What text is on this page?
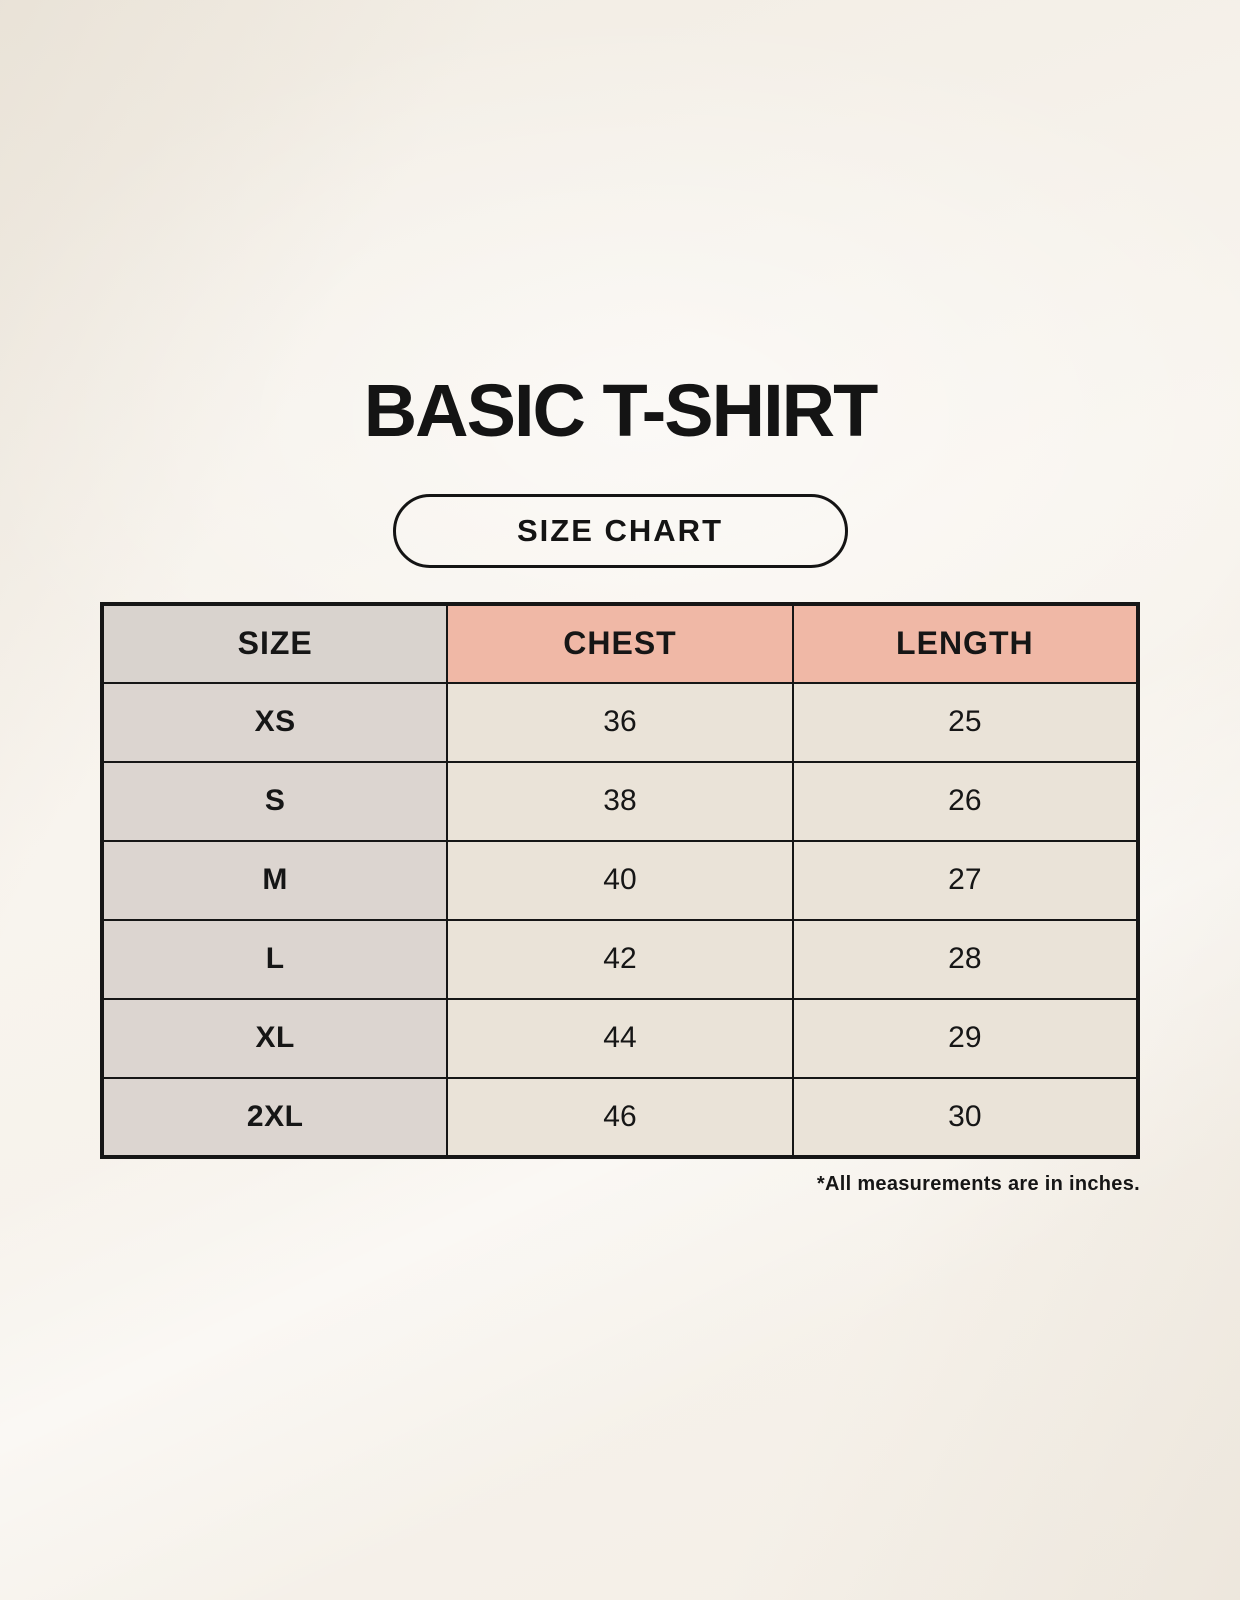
BASIC T-SHIRT
SIZE CHART
SIZE	CHEST	LENGTH
XS	36	25
S	38	26
M	40	27
L	42	28
XL	44	29
2XL	46	30
*All measurements are in inches.
